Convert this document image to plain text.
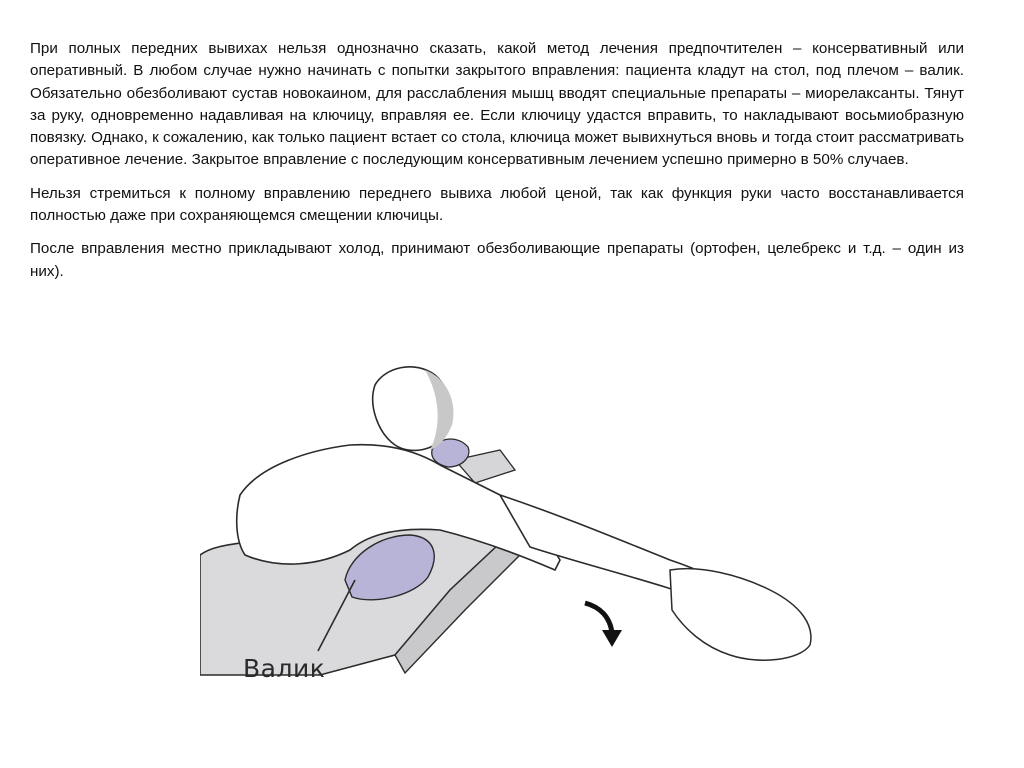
При полных передних вывихах нельзя однозначно сказать, какой метод лечения предпочтителен – консервативный или оперативный. В любом случае нужно начинать с попытки закрытого вправления: пациента кладут на стол, под плечом – валик. Обязательно обезболивают сустав новокаином, для расслабления мышц вводят специальные препараты – миорелаксанты. Тянут за руку, одновременно надавливая на ключицу, вправляя ее. Если ключицу удастся вправить, то накладывают восьмиобразную повязку. Однако, к сожалению, как только пациент встает со стола, ключица может вывихнуться вновь и тогда стоит рассматривать оперативное лечение. Закрытое вправление с последующим консервативным лечением успешно примерно в 50% случаев.

Нельзя стремиться к полному вправлению переднего вывиха любой ценой, так как функция руки часто восстанавливается полностью даже при сохраняющемся смещении ключицы.

После вправления местно прикладывают холод, принимают обезболивающие препараты (ортофен, целебрекс и т.д. – один из них).

Валик
